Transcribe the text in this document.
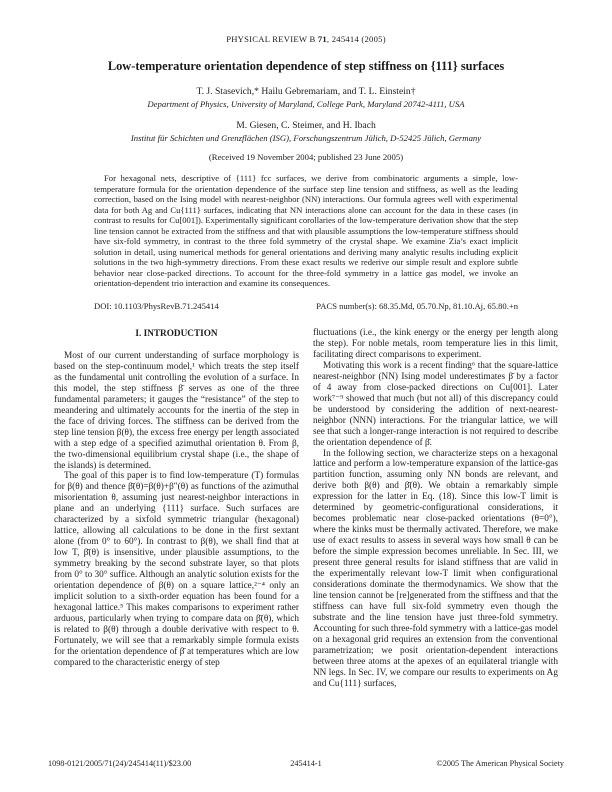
PHYSICAL REVIEW B 71, 245414 (2005)
Low-temperature orientation dependence of step stiffness on {111} surfaces
T. J. Stasevich,* Hailu Gebremariam, and T. L. Einstein†
Department of Physics, University of Maryland, College Park, Maryland 20742-4111, USA
M. Giesen, C. Steimer, and H. Ibach
Institut für Schichten und Grenzflächen (ISG), Forschungszentrum Jülich, D-52425 Jülich, Germany
(Received 19 November 2004; published 23 June 2005)
For hexagonal nets, descriptive of {111} fcc surfaces, we derive from combinatoric arguments a simple, low-temperature formula for the orientation dependence of the surface step line tension and stiffness, as well as the leading correction, based on the Ising model with nearest-neighbor (NN) interactions. Our formula agrees well with experimental data for both Ag and Cu{111} surfaces, indicating that NN interactions alone can account for the data in these cases (in contrast to results for Cu[001]). Experimentally significant corollaries of the low-temperature derivation show that the step line tension cannot be extracted from the stiffness and that with plausible assumptions the low-temperature stiffness should have six-fold symmetry, in contrast to the three fold symmetry of the crystal shape. We examine Zia’s exact implicit solution in detail, using numerical methods for general orientations and deriving many analytic results including explicit solutions in the two high-symmetry directions. From these exact results we rederive our simple result and explore subtle behavior near close-packed directions. To account for the three-fold symmetry in a lattice gas model, we invoke an orientation-dependent trio interaction and examine its consequences.
DOI: 10.1103/PhysRevB.71.245414	PACS number(s): 68.35.Md, 05.70.Np, 81.10.Aj, 65.80.+n
I. INTRODUCTION

Most of our current understanding of surface morphology is based on the step-continuum model,¹ which treats the step itself as the fundamental unit controlling the evolution of a surface. In this model, the step stiffness β̄ serves as one of the three fundamental parameters; it gauges the “resistance” of the step to meandering and ultimately accounts for the inertia of the step in the face of driving forces. The stiffness can be derived from the step line tension β(θ), the excess free energy per length associated with a step edge of a specified azimuthal orientation θ. From β, the two-dimensional equilibrium crystal shape (i.e., the shape of the islands) is determined.

The goal of this paper is to find low-temperature (T) formulas for β(θ) and thence β̄(θ)=β(θ)+β″(θ) as functions of the azimuthal misorientation θ, assuming just nearest-neighbor interactions in plane and an underlying {111} surface. Such surfaces are characterized by a sixfold symmetric triangular (hexagonal) lattice, allowing all calculations to be done in the first sextant alone (from 0° to 60°). In contrast to β(θ), we shall find that at low T, β̄(θ) is insensitive, under plausible assumptions, to the symmetry breaking by the second substrate layer, so that plots from 0° to 30° suffice. Although an analytic solution exists for the orientation dependence of β(θ) on a square lattice,²⁻⁴ only an implicit solution to a sixth-order equation has been found for a hexagonal lattice.⁵ This makes comparisons to experiment rather arduous, particularly when trying to compare data on β̄(θ), which is related to β(θ) through a double derivative with respect to θ. Fortunately, we will see that a remarkably simple formula exists for the orientation dependence of β̄ at temperatures which are low compared to the characteristic energy of step

fluctuations (i.e., the kink energy or the energy per length along the step). For noble metals, room temperature lies in this limit, facilitating direct comparisons to experiment.

Motivating this work is a recent finding⁶ that the square-lattice nearest-neighbor (NN) Ising model underestimates β̄ by a factor of 4 away from close-packed directions on Cu[001]. Later work⁷⁻⁹ showed that much (but not all) of this discrepancy could be understood by considering the addition of next-nearest-neighbor (NNN) interactions. For the triangular lattice, we will see that such a longer-range interaction is not required to describe the orientation dependence of β̄.

In the following section, we characterize steps on a hexagonal lattice and perform a low-temperature expansion of the lattice-gas partition function, assuming only NN bonds are relevant, and derive both β(θ) and β̄(θ). We obtain a remarkably simple expression for the latter in Eq. (18). Since this low-T limit is determined by geometric-configurational considerations, it becomes problematic near close-packed orientations (θ=0°), where the kinks must be thermally activated. Therefore, we make use of exact results to assess in several ways how small θ can be before the simple expression becomes unreliable. In Sec. III, we present three general results for island stiffness that are valid in the experimentally relevant low-T limit when configurational considerations dominate the thermodynamics. We show that the line tension cannot be [re]generated from the stiffness and that the stiffness can have full six-fold symmetry even though the substrate and the line tension have just three-fold symmetry. Accounting for such three-fold symmetry with a lattice-gas model on a hexagonal grid requires an extension from the conventional parametrization; we posit orientation-dependent interactions between three atoms at the apexes of an equilateral triangle with NN legs. In Sec. IV, we compare our results to experiments on Ag and Cu{111} surfaces,

1098-0121/2005/71(24)/245414(11)/$23.00	245414-1	©2005 The American Physical Society
